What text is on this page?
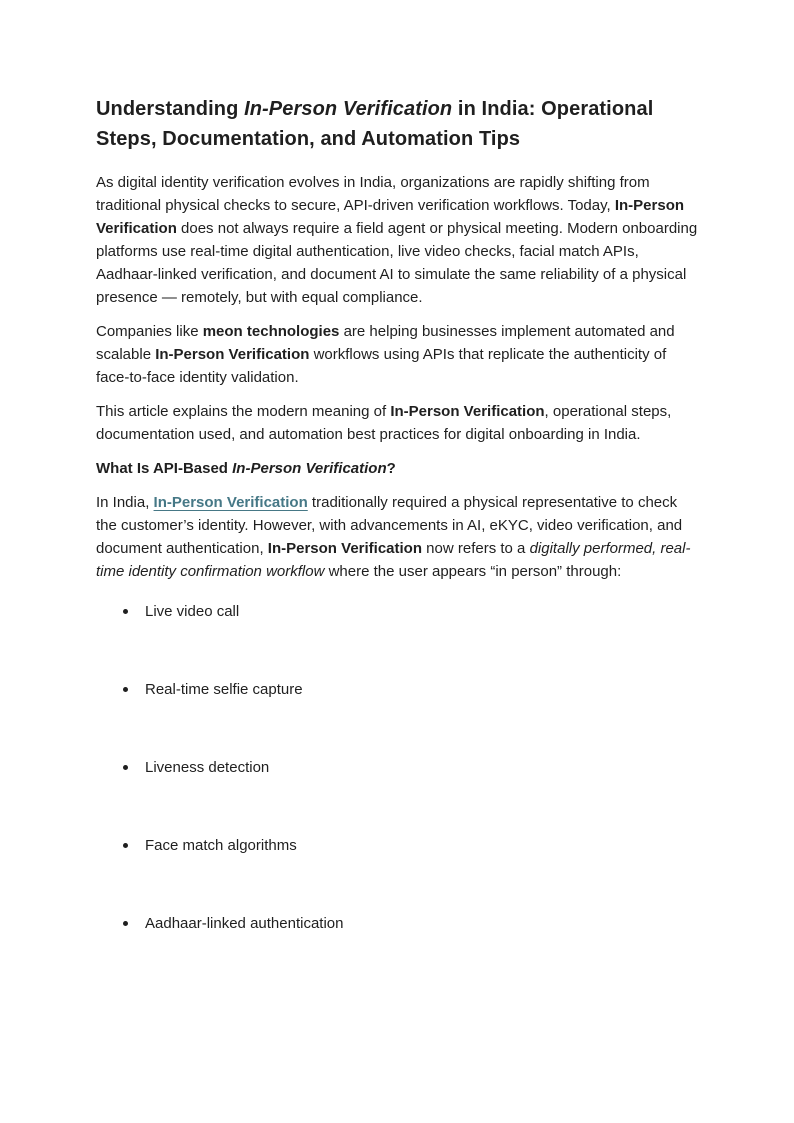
Understanding In-Person Verification in India: Operational Steps, Documentation, and Automation Tips

As digital identity verification evolves in India, organizations are rapidly shifting from traditional physical checks to secure, API-driven verification workflows. Today, In-Person Verification does not always require a field agent or physical meeting. Modern onboarding platforms use real-time digital authentication, live video checks, facial match APIs, Aadhaar-linked verification, and document AI to simulate the same reliability of a physical presence — remotely, but with equal compliance.

Companies like meon technologies are helping businesses implement automated and scalable In-Person Verification workflows using APIs that replicate the authenticity of face-to-face identity validation.

This article explains the modern meaning of In-Person Verification, operational steps, documentation used, and automation best practices for digital onboarding in India.

What Is API-Based In-Person Verification?

In India, In-Person Verification traditionally required a physical representative to check the customer’s identity. However, with advancements in AI, eKYC, video verification, and document authentication, In-Person Verification now refers to a digitally performed, real-time identity confirmation workflow where the user appears “in person” through:

Live video call
Real-time selfie capture
Liveness detection
Face match algorithms
Aadhaar-linked authentication
